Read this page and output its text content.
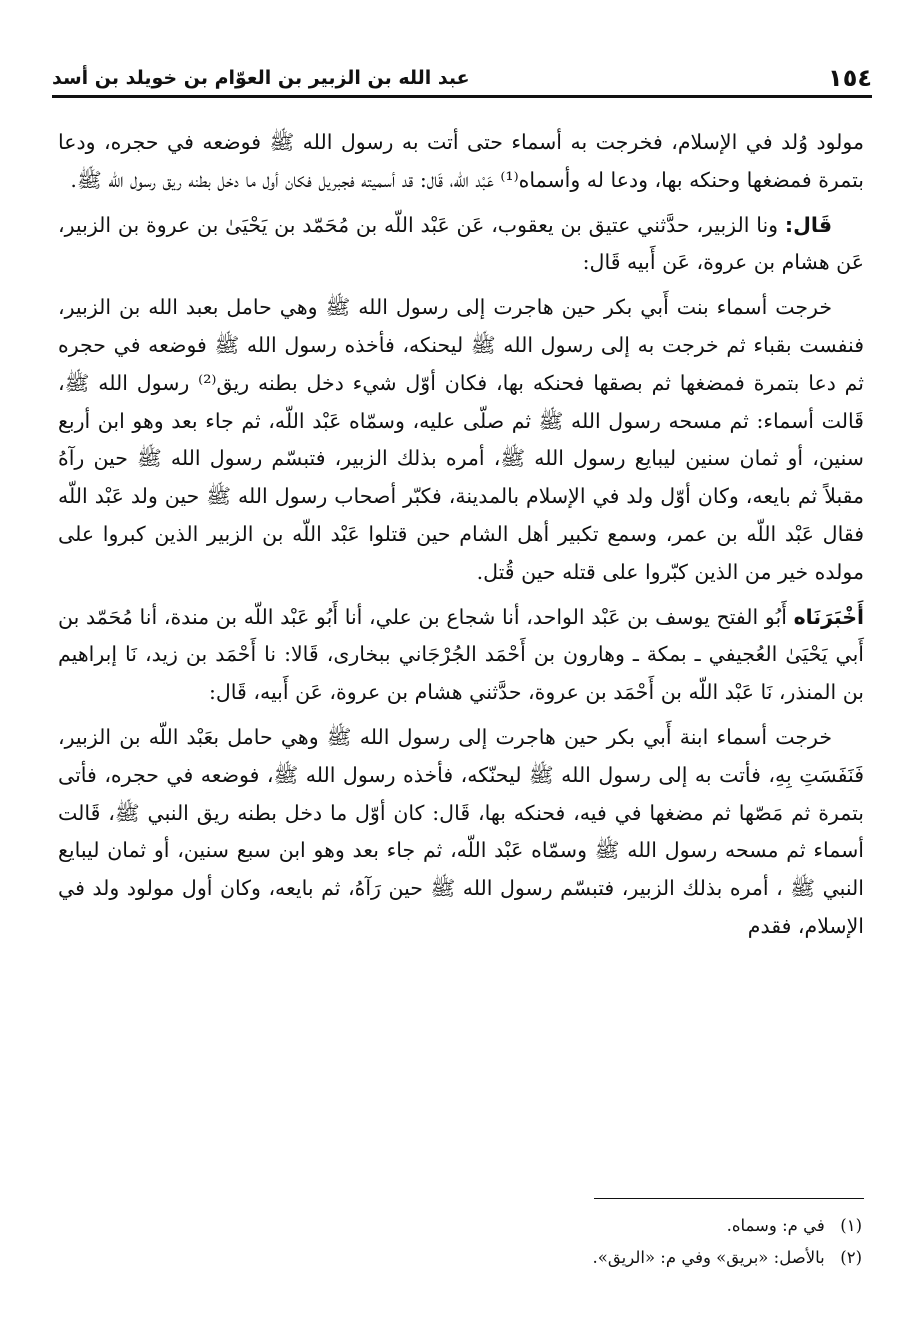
١٥٤
عبد الله بن الزبير بن العوّام بن خويلد بن أسد

مولود وُلد في الإسلام، فخرجت به أسماء حتى أتت به رسول الله ﷺ فوضعه في حجره، ودعا بتمرة فمضغها وحنكه بها، ودعا له وأسماه⁽¹⁾ عَبْد اللّه، قَال: قد أسميته فجبريل فكان أول ما دخل بطنه ريق رسول الله ﷺ.

قَال: ونا الزبير، حدَّثني عتيق بن يعقوب، عَن عَبْد اللّه بن مُحَمّد بن يَحْيَىٰ بن عروة بن الزبير، عَن هشام بن عروة، عَن أَبيه قَال:

خرجت أسماء بنت أَبي بكر حين هاجرت إلى رسول الله ﷺ وهي حامل بعبد الله بن الزبير، فنفست بقباء ثم خرجت به إلى رسول الله ﷺ ليحنكه، فأخذه رسول الله ﷺ فوضعه في حجره ثم دعا بتمرة فمضغها ثم بصقها فحنكه بها، فكان أوّل شيء دخل بطنه ريق⁽²⁾ رسول الله ﷺ، قَالت أسماء: ثم مسحه رسول الله ﷺ ثم صلّى عليه، وسمّاه عَبْد اللّه، ثم جاء بعد وهو ابن أربع سنين، أو ثمان سنين ليبايع رسول الله ﷺ، أمره بذلك الزبير، فتبسّم رسول الله ﷺ حين رآهُ مقبلاً ثم بايعه، وكان أوّل ولد في الإسلام بالمدينة، فكبّر أصحاب رسول الله ﷺ حين ولد عَبْد اللّه فقال عَبْد اللّه بن عمر، وسمع تكبير أهل الشام حين قتلوا عَبْد اللّه بن الزبير الذين كبروا على مولده خير من الذين كبّروا على قتله حين قُتل.

أَخْبَرَنَاه أَبُو الفتح يوسف بن عَبْد الواحد، أنا شجاع بن علي، أنا أَبُو عَبْد اللّه بن مندة، أنا مُحَمّد بن أَبي يَحْيَىٰ العُجيفي ـ بمكة ـ وهارون بن أَحْمَد الجُرْجَاني ببخارى، قَالا: نا أَحْمَد بن زيد، نَا إبراهيم بن المنذر، نَا عَبْد اللّه بن أَحْمَد بن عروة، حدَّثني هشام بن عروة، عَن أَبيه، قَال:

خرجت أسماء ابنة أَبي بكر حين هاجرت إلى رسول الله ﷺ وهي حامل بعَبْد اللّه بن الزبير، فَنَفَسَتِ بِهِ، فأتت به إلى رسول الله ﷺ ليحنّكه، فأخذه رسول الله ﷺ، فوضعه في حجره، فأتى بتمرة ثم مَصّها ثم مضغها في فيه، فحنكه بها، قَال: كان أوّل ما دخل بطنه ريق النبي ﷺ، قَالت أسماء ثم مسحه رسول الله ﷺ وسمّاه عَبْد اللّه، ثم جاء بعد وهو ابن سبع سنين، أو ثمان ليبايع النبي ﷺ ، أمره بذلك الزبير، فتبسّم رسول الله ﷺ حين رَآهُ، ثم بايعه، وكان أول مولود ولد في الإسلام، فقدم

(١) في م: وسماه.

(٢) بالأصل: «بريق» وفي م: «الريق».
